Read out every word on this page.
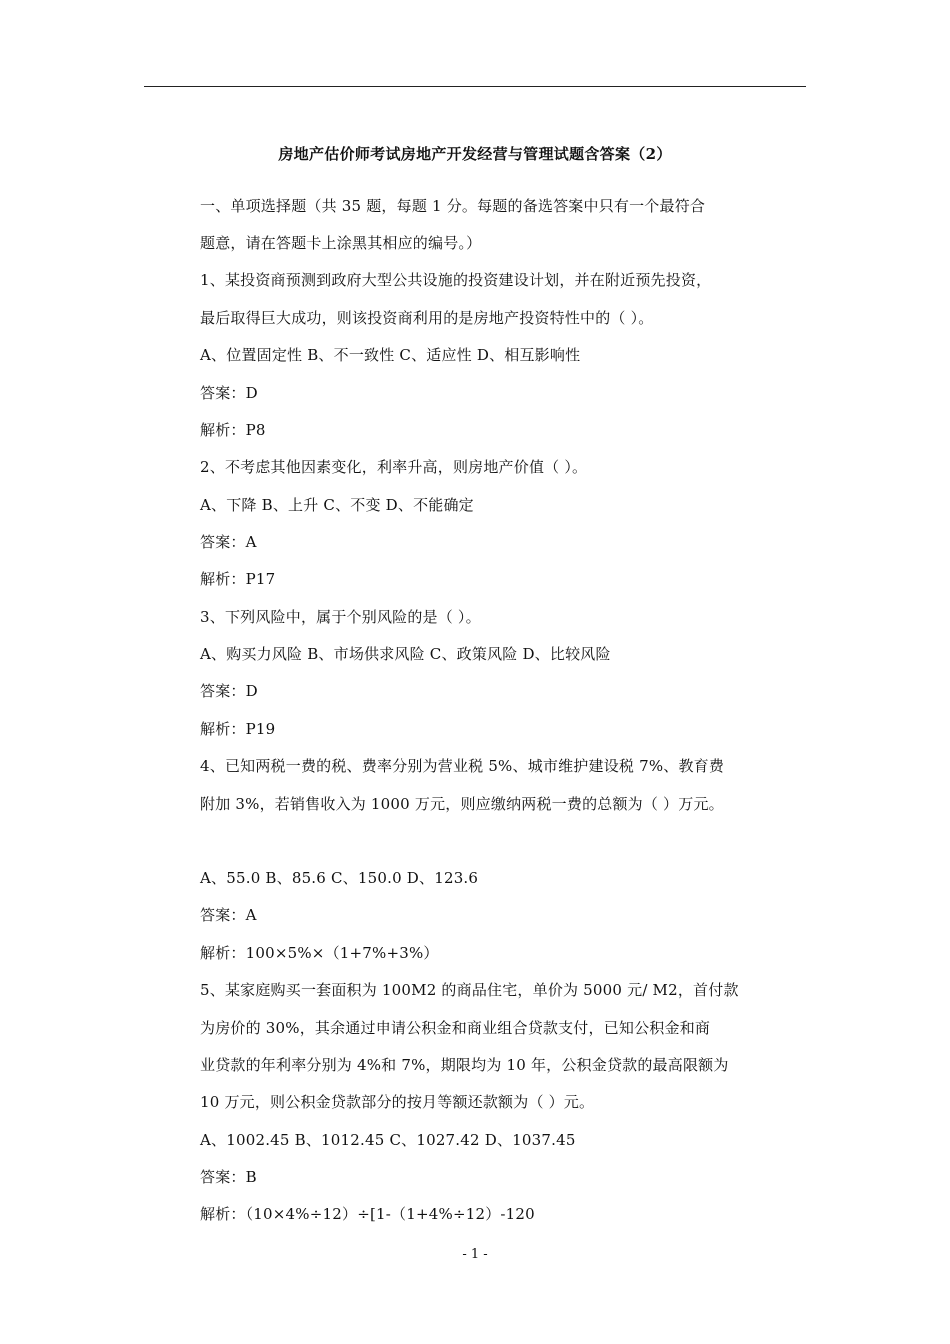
房地产估价师考试房地产开发经营与管理试题含答案（2）
一、单项选择题（共 35 题，每题 1 分。每题的备选答案中只有一个最符合
题意，请在答题卡上涂黑其相应的编号。）
1、某投资商预测到政府大型公共设施的投资建设计划，并在附近预先投资，
最后取得巨大成功，则该投资商利用的是房地产投资特性中的（ ）。
A、位置固定性 B、不一致性 C、适应性 D、相互影响性
答案：D
解析：P8
2、不考虑其他因素变化，利率升高，则房地产价值（ ）。
A、下降 B、上升 C、不变 D、不能确定
答案：A
解析：P17
3、下列风险中，属于个别风险的是（ ）。
A、购买力风险 B、市场供求风险 C、政策风险 D、比较风险
答案：D
解析：P19
4、已知两税一费的税、费率分别为营业税 5%、城市维护建设税 7%、教育费
附加 3%，若销售收入为 1000 万元，则应缴纳两税一费的总额为（ ）万元。
A、55.0 B、85.6 C、150.0 D、123.6
答案：A
解析：100×5%×（1+7%+3%）
5、某家庭购买一套面积为 100M2 的商品住宅，单价为 5000 元/ M2，首付款
为房价的 30%，其余通过申请公积金和商业组合贷款支付，已知公积金和商
业贷款的年利率分别为 4%和 7%，期限均为 10 年，公积金贷款的最高限额为
10 万元，则公积金贷款部分的按月等额还款额为（ ）元。
A、1002.45 B、1012.45 C、1027.42 D、1037.45
答案：B
解析：（10×4%÷12）÷[1-（1+4%÷12）-120
- 1 -
